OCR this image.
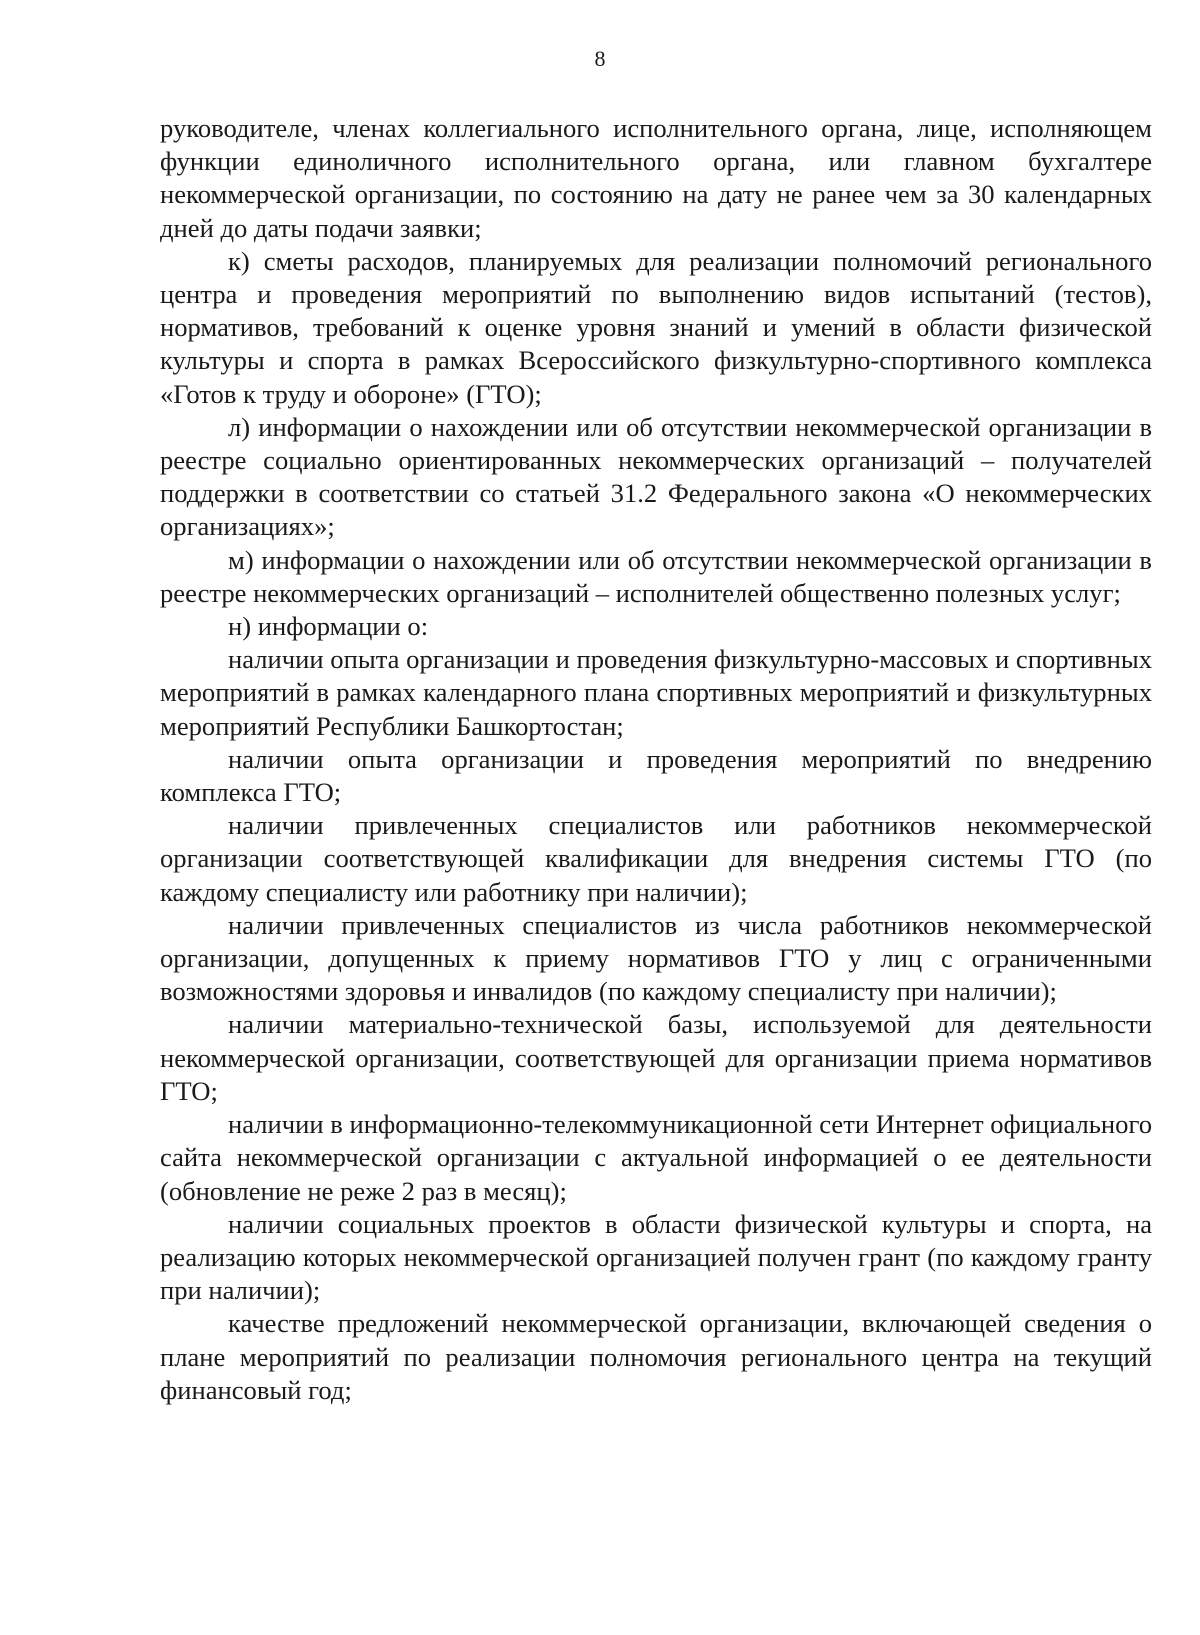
8

руководителе, членах коллегиального исполнительного органа, лице, исполняющем функции единоличного исполнительного органа, или главном бухгалтере некоммерческой организации, по состоянию на дату не ранее чем за 30 календарных дней до даты подачи заявки;

к) сметы расходов, планируемых для реализации полномочий регионального центра и проведения мероприятий по выполнению видов испытаний (тестов), нормативов, требований к оценке уровня знаний и умений в области физической культуры и спорта в рамках Всероссийского физкультурно-спортивного комплекса «Готов к труду и обороне» (ГТО);

л) информации о нахождении или об отсутствии некоммерческой организации в реестре социально ориентированных некоммерческих организаций – получателей поддержки в соответствии со статьей 31.2 Федерального закона «О некоммерческих организациях»;

м) информации о нахождении или об отсутствии некоммерческой организации в реестре некоммерческих организаций – исполнителей общественно полезных услуг;

н) информации о:

наличии опыта организации и проведения физкультурно-массовых и спортивных мероприятий в рамках календарного плана спортивных мероприятий и физкультурных мероприятий Республики Башкортостан;

наличии опыта организации и проведения мероприятий по внедрению комплекса ГТО;

наличии привлеченных специалистов или работников некоммерческой организации соответствующей квалификации для внедрения системы ГТО (по каждому специалисту или работнику при наличии);

наличии привлеченных специалистов из числа работников некоммерческой организации, допущенных к приему нормативов ГТО у лиц с ограниченными возможностями здоровья и инвалидов (по каждому специалисту при наличии);

наличии материально-технической базы, используемой для деятельности некоммерческой организации, соответствующей для организации приема нормативов ГТО;

наличии в информационно-телекоммуникационной сети Интернет официального сайта некоммерческой организации с актуальной информацией о ее деятельности (обновление не реже 2 раз в месяц);

наличии социальных проектов в области физической культуры и спорта, на реализацию которых некоммерческой организацией получен грант (по каждому гранту при наличии);

качестве предложений некоммерческой организации, включающей сведения о плане мероприятий по реализации полномочия регионального центра на текущий финансовый год;
